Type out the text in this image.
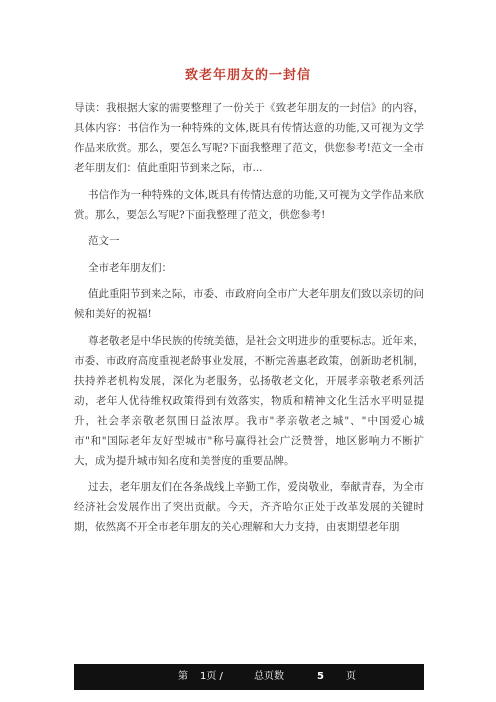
致老年朋友的一封信

导读：我根据大家的需要整理了一份关于《致老年朋友的一封信》的内容，具体内容：书信作为一种特殊的文体,既具有传情达意的功能,又可视为文学作品来欣赏。那么，要怎么写呢?下面我整理了范文，供您参考!范文一全市老年朋友们：值此重阳节到来之际，市...

书信作为一种特殊的文体,既具有传情达意的功能,又可视为文学作品来欣赏。那么，要怎么写呢?下面我整理了范文，供您参考!

范文一

全市老年朋友们：

值此重阳节到来之际，市委、市政府向全市广大老年朋友们致以亲切的问候和美好的祝福!

尊老敬老是中华民族的传统美德，是社会文明进步的重要标志。近年来，市委、市政府高度重视老龄事业发展，不断完善惠老政策，创新助老机制，扶持养老机构发展，深化为老服务，弘扬敬老文化，开展孝亲敬老系列活动，老年人优待维权政策得到有效落实，物质和精神文化生活水平明显提升，社会孝亲敬老氛围日益浓厚。我市"孝亲敬老之城"、"中国爱心城市"和"国际老年友好型城市"称号赢得社会广泛赞誉，地区影响力不断扩大，成为提升城市知名度和美誉度的重要品牌。

过去，老年朋友们在各条战线上辛勤工作，爱岗敬业，奉献青春，为全市经济社会发展作出了突出贡献。今天，齐齐哈尔正处于改革发展的关键时期，依然离不开全市老年朋友的关心理解和大力支持，由衷期望老年朋

第 1页 /	总页数	5 页
